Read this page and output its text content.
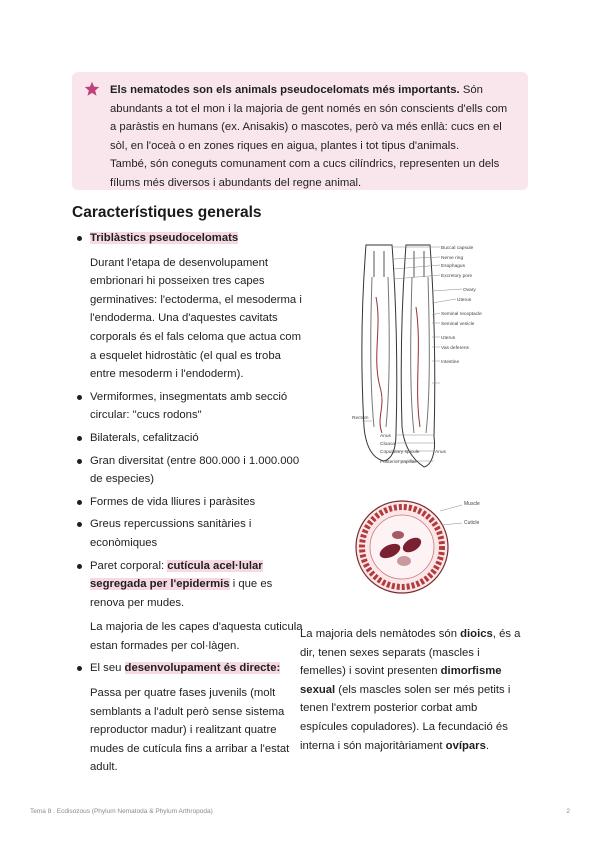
Els nematodes son els animals pseudocelomats més importants. Són abundants a tot el mon i la majoria de gent només en són conscients d'ells com a paràstis en humans (ex. Anisakis) o mascotes, però va més enllà: cucs en el sòl, en l'oceà o en zones riques en aigua, plantes i tot tipus d'animals.

També, són coneguts comunament com a cucs cilíndrics, representen un dels fílums més diversos i abundants del regne animal.

Característiques generals

Triblàstics pseudocelomats

Durant l'etapa de desenvolupament embrionari hi posseixen tres capes germinatives: l'ectoderma, el mesoderma i l'endoderma. Una d'aquestes cavitats corporals és el fals celoma que actua com a esquelet hidrostàtic (el qual es troba entre mesoderm i l'endoderm).

Vermiformes, insegmentats amb secció circular: "cucs rodons"

Bilaterals, cefalització

Gran diversitat (entre 800.000 i 1.000.000 de especies)

Formes de vida lliures i paràsites

Greus repercussions sanitàries i econòmiques

Paret corporal: cutícula acel·lular segregada per l'epidermis i que es renova per mudes.

La majoria de les capes d'aquesta cuticula estan formades per col·làgen.

El seu desenvolupament és directe:

Passa per quatre fases juvenils (molt semblants a l'adult però sense sistema reproductor madur) i realitzant quatre mudes de cutícula fins a arribar a l'estat adult.

Buccal capsule
Nerve ring
Esophagus
Excretory pore
Ovary
Uterus
Seminal receptacle
Seminal vesicle
Uterus
Vas deferens
Intestine
Rectum
Anus
Cloaca
Copulatory spicule
Posterior papillae
Anus
Muscle
Cuticle

La majoria dels nemàtodes són dioics, és a dir, tenen sexes separats (mascles i femelles) i sovint presenten dimorfisme sexual (els mascles solen ser més petits i tenen l'extrem posterior corbat amb espícules copuladores). La fecundació és interna i són majoritàriament ovípars.

Tema 8 . Ecdisozous (Phylum Nematoda & Phylum Arthropoda)	2
